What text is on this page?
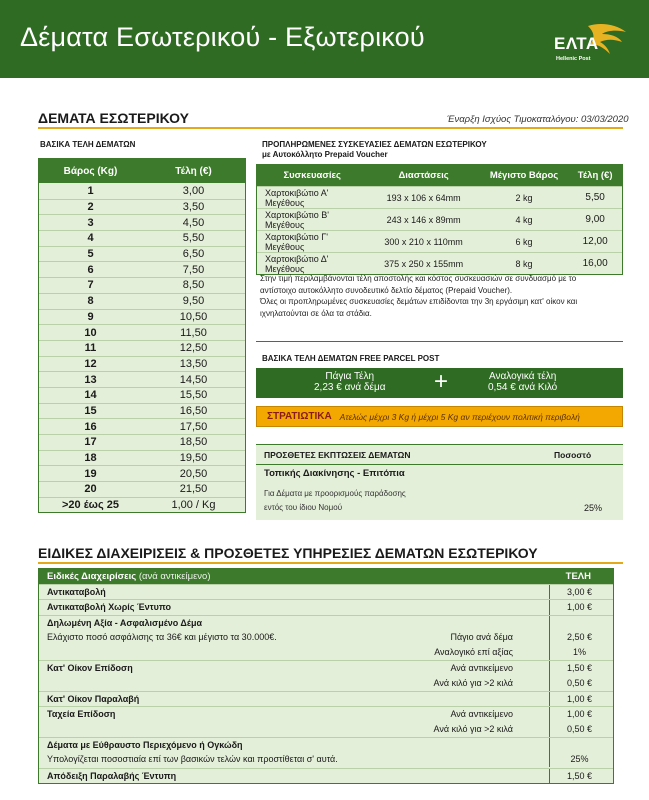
Δέματα Εσωτερικού - Εξωτερικού	ΕΛΤΑ
Hellenic Post
ΔΕΜΑΤΑ ΕΣΩΤΕΡΙΚΟΥ	Έναρξη Ισχύος Τιμοκαταλόγου: 03/03/2020
ΒΑΣΙΚΑ ΤΕΛΗ ΔΕΜΑΤΩΝ
Βάρος (Kg)	Τέλη (€)
1	3,00
2	3,50
3	4,50
4	5,50
5	6,50
6	7,50
7	8,50
8	9,50
9	10,50
10	11,50
11	12,50
12	13,50
13	14,50
14	15,50
15	16,50
16	17,50
17	18,50
18	19,50
19	20,50
20	21,50
>20 έως 25	1,00 / Kg
ΠΡΟΠΛΗΡΩΜΕΝΕΣ ΣΥΣΚΕΥΑΣΙΕΣ ΔΕΜΑΤΩΝ ΕΣΩΤΕΡΙΚΟΥ
με Αυτοκόλλητο Prepaid Voucher
Συσκευασίες	Διαστάσεις	Μέγιστο Βάρος	Τέλη (€)
Χαρτοκιβώτιο Α' Μεγέθους	193 x 106 x 64mm	2 kg	5,50
Χαρτοκιβώτιο Β' Μεγέθους	243 x 146 x 89mm	4 kg	9,00
Χαρτοκιβώτιο Γ' Μεγέθους	300 x 210 x 110mm	6 kg	12,00
Χαρτοκιβώτιο Δ' Μεγέθους	375 x 250 x 155mm	8 kg	16,00
Στην τιμή περιλαμβάνονται τέλη αποστολής και κόστος συσκευασιών σε συνδυασμό με το
αντίστοιχο αυτοκόλλητο συνοδευτικό δελτίο δέματος (Prepaid Voucher).
Όλες οι προπληρωμένες συσκευασίες δεμάτων επιδίδονται την 3η εργάσιμη κατ' οίκον και
ιχνηλατούνται σε όλα τα στάδια.
ΒΑΣΙΚΑ ΤΕΛΗ ΔΕΜΑΤΩΝ FREE PARCEL POST
Πάγια Τέλη
2,23 € ανά δέμα +	Αναλογικά τέλη
0,54 € ανά Κιλό
ΣΤΡΑΤΙΩΤΙΚΑ Ατελώς μέχρι 3 Kg ή μέχρι 5 Kg αν περιέχουν πολιτική περιβολή
ΠΡΟΣΘΕΤΕΣ ΕΚΠΤΩΣΕΙΣ ΔΕΜΑΤΩΝ	Ποσοστό
Τοπικής Διακίνησης - Επιτόπια
Για Δέματα με προορισμούς παράδοσης
εντός του ίδιου Νομού	25%
ΕΙΔΙΚΕΣ ΔΙΑΧΕΙΡΙΣΕΙΣ & ΠΡΟΣΘΕΤΕΣ ΥΠΗΡΕΣΙΕΣ ΔΕΜΑΤΩΝ ΕΣΩΤΕΡΙΚΟΥ
Ειδικές Διαχειρίσεις (ανά αντικείμενο)	ΤΕΛΗ
Αντικαταβολή	3,00 €
Αντικαταβολή Χωρίς Έντυπο	1,00 €
Δηλωμένη Αξία - Ασφαλισμένο Δέμα
Ελάχιστο ποσό ασφάλισης τα 36€ και μέγιστο τα 30.000€.	Πάγιο ανά δέμα	2,50 €
Αναλογικό επί αξίας	1%
Κατ' Οίκον Επίδοση	Ανά αντικείμενο	1,50 €
Ανά κιλό για >2 κιλά	0,50 €
Κατ' Οίκον Παραλαβή	1,00 €
Ταχεία Επίδοση	Ανά αντικείμενο	1,00 €
Ανά κιλό για >2 κιλά	0,50 €
Δέματα με Εύθραυστο Περιεχόμενο ή Ογκώδη
Υπολογίζεται ποσοστιαία επί των βασικών τελών και προστίθεται σ' αυτά.	25%
Απόδειξη Παραλαβής Έντυπη	1,50 €
